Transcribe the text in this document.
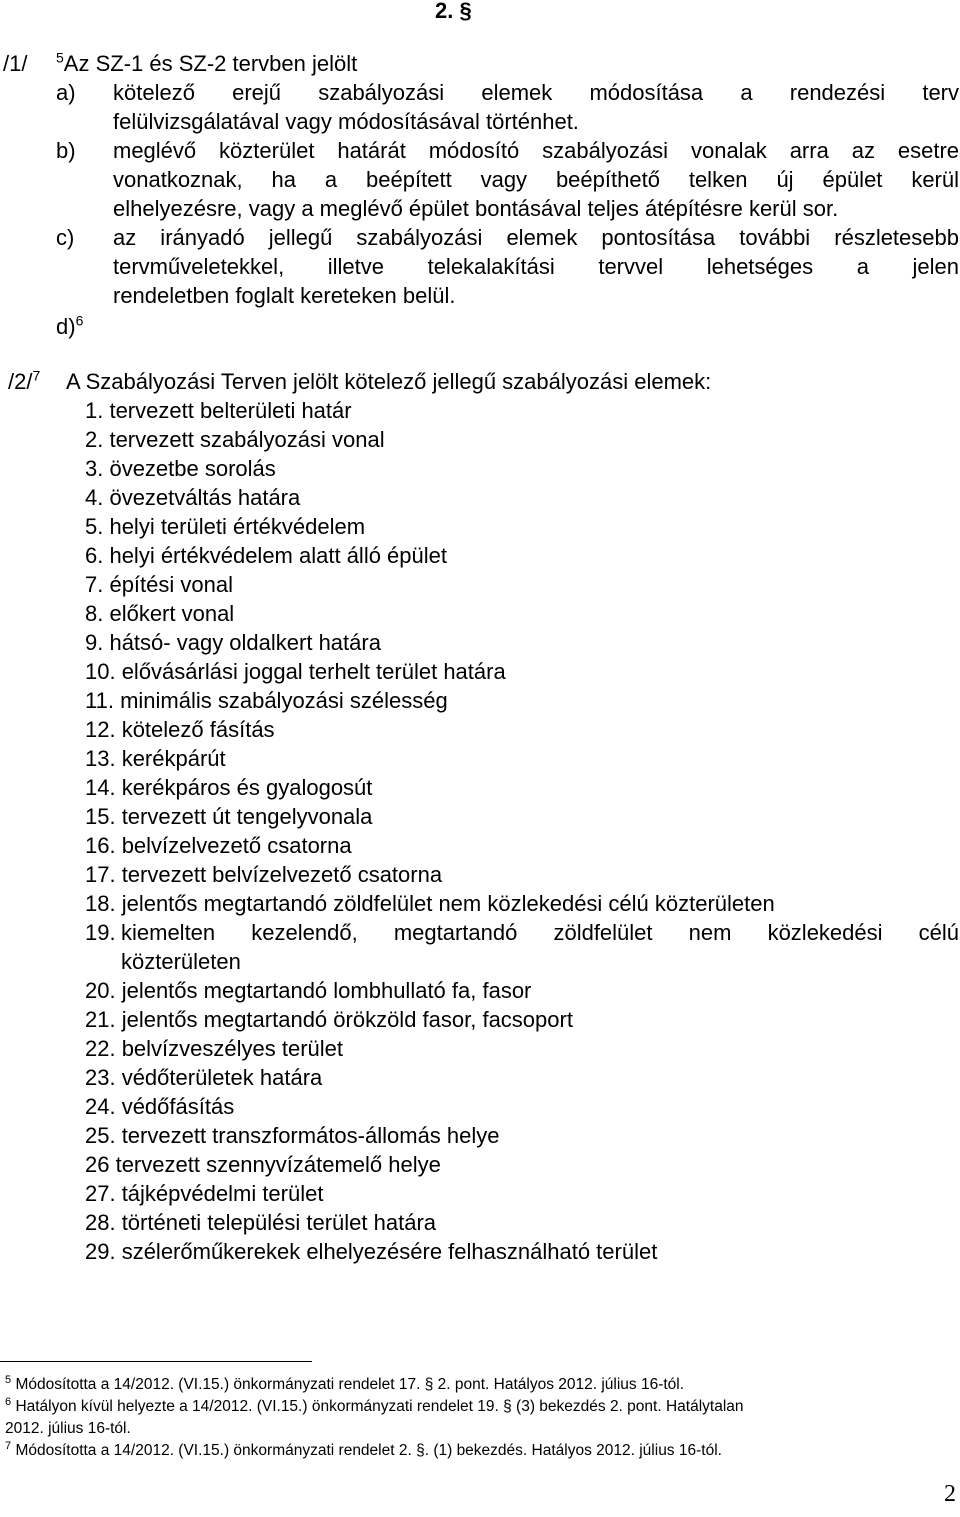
2. §
/1/ $^5$Az SZ-1 és SZ-2 tervben jelölt
a) kötelező erejű szabályozási elemek módosítása a rendezési terv
felülvizsgálatával vagy módosításával történhet.
b) meglévő közterület határát módosító szabályozási vonalak arra az esetre
vonatkoznak, ha a beépített vagy beépíthető telken új épület kerül
elhelyezésre, vagy a meglévő épület bontásával teljes átépítésre kerül sor.
c) az irányadó jellegű szabályozási elemek pontosítása további részletesebb
tervműveletekkel, illetve telekalakítási tervvel lehetséges a jelen
rendeletben foglalt kereteken belül.
d)$^6$
/2/$^7$ A Szabályozási Terven jelölt kötelező jellegű szabályozási elemek:
1. tervezett belterületi határ
2. tervezett szabályozási vonal
3. övezetbe sorolás
4. övezetváltás határa
5. helyi területi értékvédelem
6. helyi értékvédelem alatt álló épület
7. építési vonal
8. előkert vonal
9. hátsó- vagy oldalkert határa
10. elővásárlási joggal terhelt terület határa
11. minimális szabályozási szélesség
12. kötelező fásítás
13. kerékpárút
14. kerékpáros és gyalogosút
15. tervezett út tengelyvonala
16. belvízelvezető csatorna
17. tervezett belvízelvezető csatorna
18. jelentős megtartandó zöldfelület nem közlekedési célú közterületen
19. kiemelten kezelendő, megtartandó zöldfelület nem közlekedési célú
közterületen
20. jelentős megtartandó lombhullató fa, fasor
21. jelentős megtartandó örökzöld fasor, facsoport
22. belvízveszélyes terület
23. védőterületek határa
24. védőfásítás
25. tervezett transzformátos-állomás helye
26 tervezett szennyvízátemelő helye
27. tájképvédelmi terület
28. történeti települési terület határa
29. szélerőműkerekek elhelyezésére felhasználható terület
$^5$ Módosította a 14/2012. (VI.15.) önkormányzati rendelet 17. § 2. pont. Hatályos 2012. július 16-tól.
$^6$ Hatályon kívül helyezte a 14/2012. (VI.15.) önkormányzati rendelet 19. § (3) bekezdés 2. pont. Hatálytalan
2012. július 16-tól.
$^7$ Módosította a 14/2012. (VI.15.) önkormányzati rendelet 2. §. (1) bekezdés. Hatályos 2012. július 16-tól.
2
